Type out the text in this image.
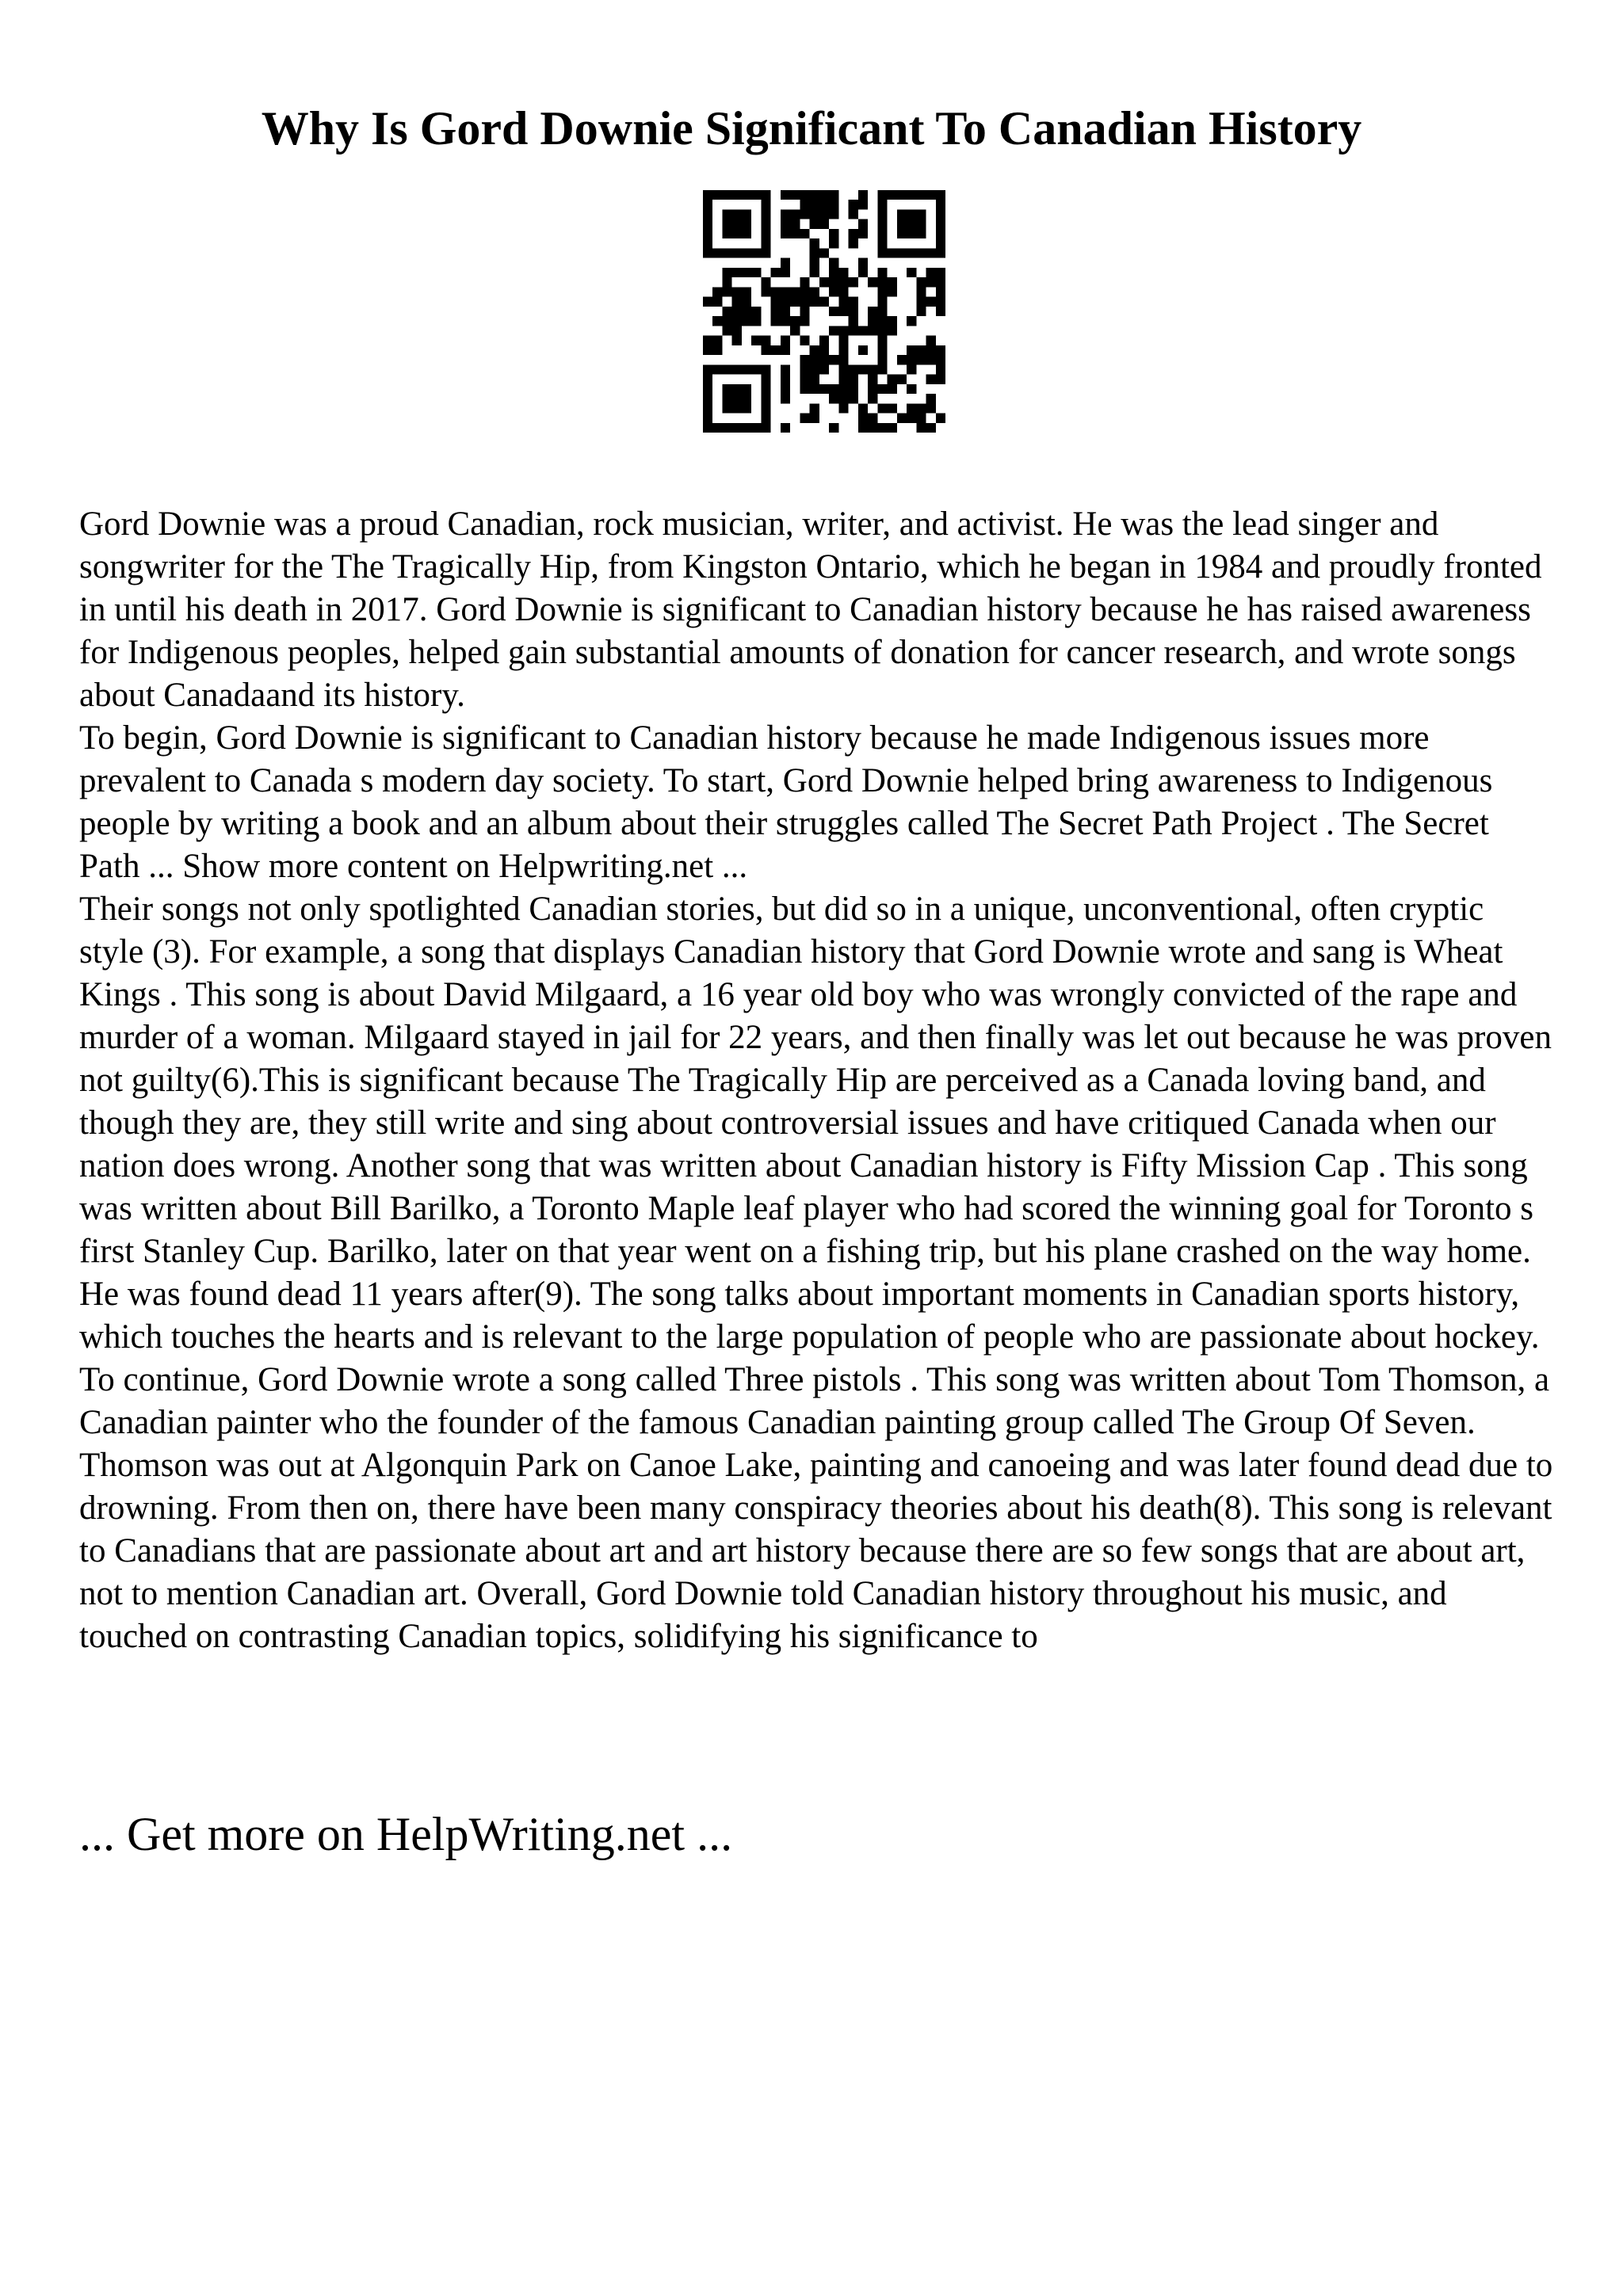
Why Is Gord Downie Significant To Canadian History

Gord Downie was a proud Canadian, rock musician, writer, and activist. He was the lead singer and songwriter for the The Tragically Hip, from Kingston Ontario, which he began in 1984 and proudly fronted in until his death in 2017. Gord Downie is significant to Canadian history because he has raised awareness for Indigenous peoples, helped gain substantial amounts of donation for cancer research, and wrote songs about Canadaand its history.

To begin, Gord Downie is significant to Canadian history because he made Indigenous issues more prevalent to Canada s modern day society. To start, Gord Downie helped bring awareness to Indigenous people by writing a book and an album about their struggles called The Secret Path Project . The Secret Path ... Show more content on Helpwriting.net ...

Their songs not only spotlighted Canadian stories, but did so in a unique, unconventional, often cryptic style (3). For example, a song that displays Canadian history that Gord Downie wrote and sang is Wheat Kings . This song is about David Milgaard, a 16 year old boy who was wrongly convicted of the rape and murder of a woman. Milgaard stayed in jail for 22 years, and then finally was let out because he was proven not guilty(6).This is significant because The Tragically Hip are perceived as a Canada loving band, and though they are, they still write and sing about controversial issues and have critiqued Canada when our nation does wrong. Another song that was written about Canadian history is Fifty Mission Cap . This song was written about Bill Barilko, a Toronto Maple leaf player who had scored the winning goal for Toronto s first Stanley Cup. Barilko, later on that year went on a fishing trip, but his plane crashed on the way home. He was found dead 11 years after(9). The song talks about important moments in Canadian sports history, which touches the hearts and is relevant to the large population of people who are passionate about hockey. To continue, Gord Downie wrote a song called Three pistols . This song was written about Tom Thomson, a Canadian painter who the founder of the famous Canadian painting group called The Group Of Seven. Thomson was out at Algonquin Park on Canoe Lake, painting and canoeing and was later found dead due to drowning. From then on, there have been many conspiracy theories about his death(8). This song is relevant to Canadians that are passionate about art and art history because there are so few songs that are about art, not to mention Canadian art. Overall, Gord Downie told Canadian history throughout his music, and touched on contrasting Canadian topics, solidifying his significance to

... Get more on HelpWriting.net ...
